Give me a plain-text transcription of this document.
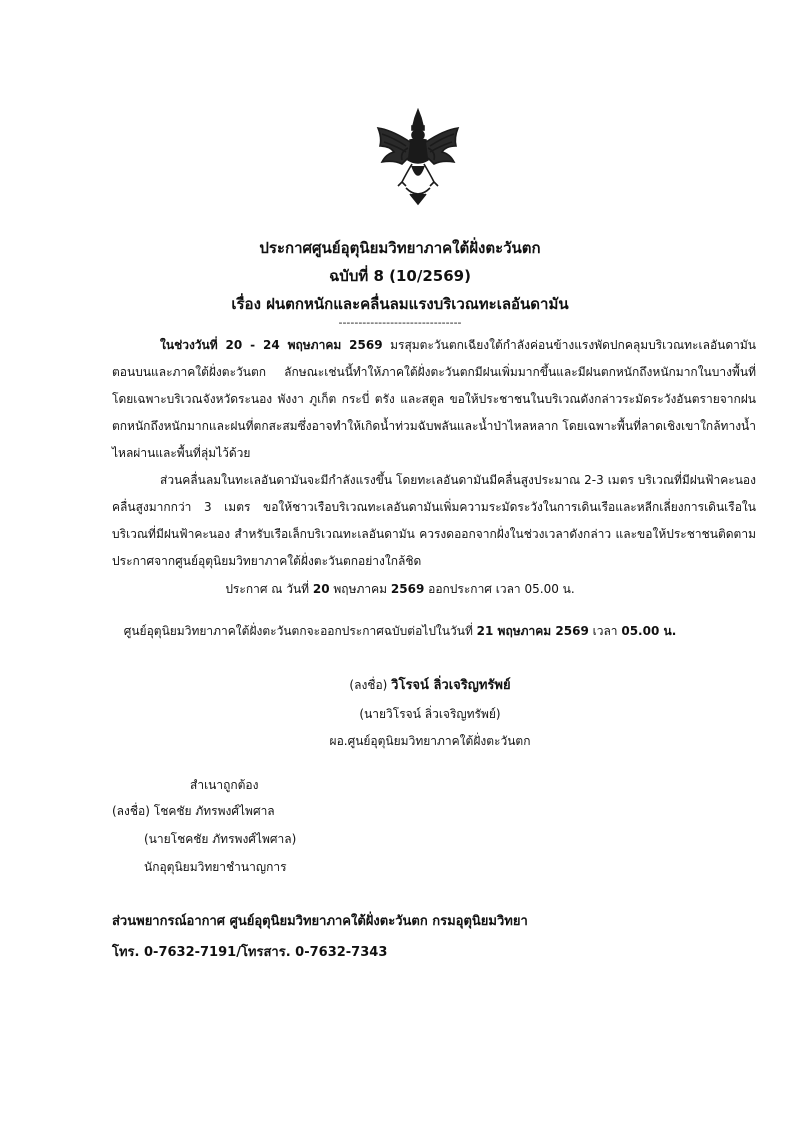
ประกาศศูนย์อุตุนิยมวิทยาภาคใต้ฝั่งตะวันตก
ฉบับที่ 8 (10/2569)
เรื่อง ฝนตกหนักและคลื่นลมแรงบริเวณทะเลอันดามัน
-------------------------------

ในช่วงวันที่ 20 - 24 พฤษภาคม 2569 มรสุมตะวันตกเฉียงใต้กำลังค่อนข้างแรงพัดปกคลุมบริเวณทะเลอันดามันตอนบนและภาคใต้ฝั่งตะวันตก ลักษณะเช่นนี้ทำให้ภาคใต้ฝั่งตะวันตกมีฝนเพิ่มมากขึ้นและมีฝนตกหนักถึงหนักมากในบางพื้นที่ โดยเฉพาะบริเวณจังหวัดระนอง พังงา ภูเก็ต กระบี่ ตรัง และสตูล ขอให้ประชาชนในบริเวณดังกล่าวระมัดระวังอันตรายจากฝนตกหนักถึงหนักมากและฝนที่ตกสะสมซึ่งอาจทำให้เกิดน้ำท่วมฉับพลันและน้ำป่าไหลหลาก โดยเฉพาะพื้นที่ลาดเชิงเขาใกล้ทางน้ำไหลผ่านและพื้นที่ลุ่มไว้ด้วย

ส่วนคลื่นลมในทะเลอันดามันจะมีกำลังแรงขึ้น โดยทะเลอันดามันมีคลื่นสูงประมาณ 2-3 เมตร บริเวณที่มีฝนฟ้าคะนองคลื่นสูงมากกว่า 3 เมตร ขอให้ชาวเรือบริเวณทะเลอันดามันเพิ่มความระมัดระวังในการเดินเรือและหลีกเลี่ยงการเดินเรือในบริเวณที่มีฝนฟ้าคะนอง สำหรับเรือเล็กบริเวณทะเลอันดามัน ควรงดออกจากฝั่งในช่วงเวลาดังกล่าว และขอให้ประชาชนติดตามประกาศจากศูนย์อุตุนิยมวิทยาภาคใต้ฝั่งตะวันตกอย่างใกล้ชิด

ประกาศ ณ วันที่ 20 พฤษภาคม 2569 ออกประกาศ เวลา 05.00 น.
ศูนย์อุตุนิยมวิทยาภาคใต้ฝั่งตะวันตกจะออกประกาศฉบับต่อไปในวันที่ 21 พฤษภาคม 2569 เวลา 05.00 น.
(ลงชื่อ) วิโรจน์ ลิ่วเจริญทรัพย์
(นายวิโรจน์ ลิ่วเจริญทรัพย์)
ผอ.ศูนย์อุตุนิยมวิทยาภาคใต้ฝั่งตะวันตก
สำเนาถูกต้อง
(ลงชื่อ) โชคชัย ภัทรพงศ์ไพศาล
(นายโชคชัย ภัทรพงศ์ไพศาล)
นักอุตุนิยมวิทยาชำนาญการ
ส่วนพยากรณ์อากาศ ศูนย์อุตุนิยมวิทยาภาคใต้ฝั่งตะวันตก กรมอุตุนิยมวิทยา
โทร. 0-7632-7191/โทรสาร. 0-7632-7343
